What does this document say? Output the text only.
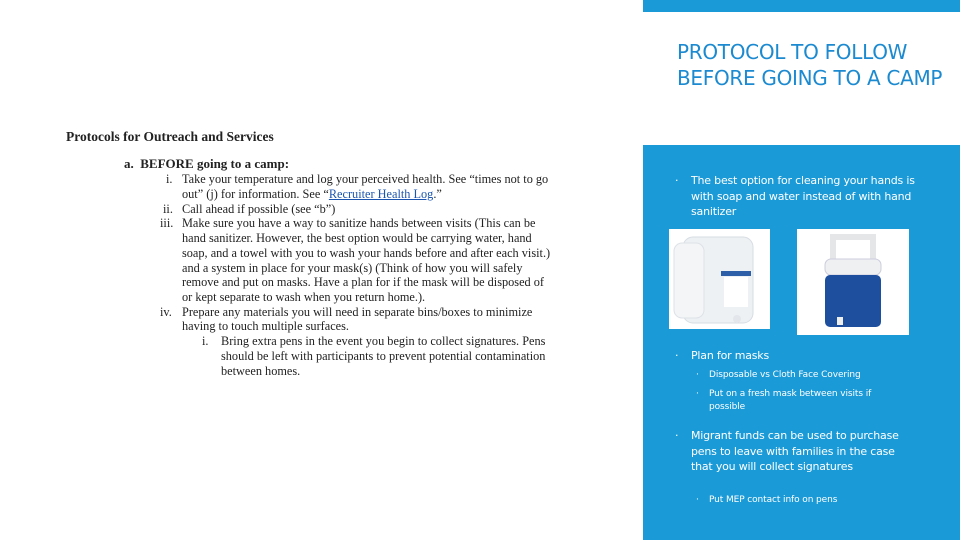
PROTOCOL TO FOLLOW BEFORE GOING TO A CAMP
Protocols for Outreach and Services
a. BEFORE going to a camp:
i. Take your temperature and log your perceived health. See “times not to go
out” (j) for information. See “Recruiter Health Log.”
ii. Call ahead if possible (see “b”)
iii. Make sure you have a way to sanitize hands between visits (This can be
hand sanitizer. However, the best option would be carrying water, hand
soap, and a towel with you to wash your hands before and after each visit.)
and a system in place for your mask(s) (Think of how you will safely
remove and put on masks. Have a plan for if the mask will be disposed of
or kept separate to wash when you return home.).
iv. Prepare any materials you will need in separate bins/boxes to minimize
having to touch multiple surfaces.
i. Bring extra pens in the event you begin to collect signatures. Pens
should be left with participants to prevent potential contamination
between homes.
· The best option for cleaning your hands is with soap and water instead of with hand sanitizer
· Plan for masks
· Disposable vs Cloth Face Covering
· Put on a fresh mask between visits if possible
· Migrant funds can be used to purchase pens to leave with families in the case that you will collect signatures
· Put MEP contact info on pens
